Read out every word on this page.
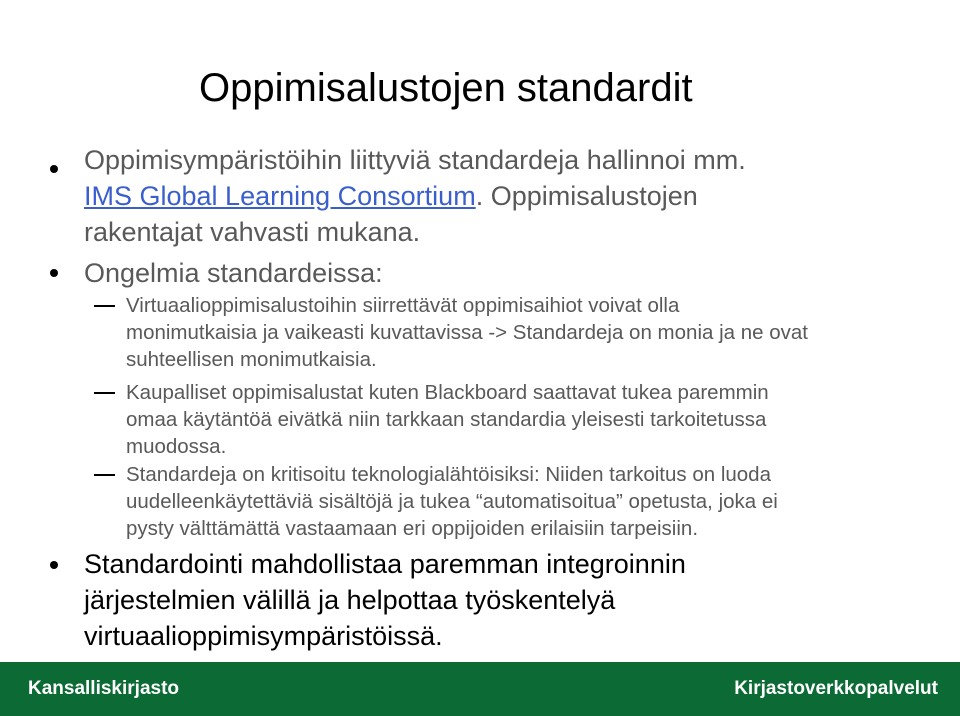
Oppimisalustojen standardit
Oppimisympäristöihin liittyviä standardeja hallinnoi mm.
IMS Global Learning Consortium. Oppimisalustojen
rakentajat vahvasti mukana.
Ongelmia standardeissa:
Virtuaalioppimisalustoihin siirrettävät oppimisaihiot voivat olla
monimutkaisia ja vaikeasti kuvattavissa -> Standardeja on monia ja ne ovat
suhteellisen monimutkaisia.
Kaupalliset oppimisalustat kuten Blackboard saattavat tukea paremmin
omaa käytäntöä eivätkä niin tarkkaan standardia yleisesti tarkoitetussa
muodossa.
Standardeja on kritisoitu teknologialähtöisiksi: Niiden tarkoitus on luoda
uudelleenkäytettäviä sisältöjä ja tukea “automatisoitua” opetusta, joka ei
pysty välttämättä vastaamaan eri oppijoiden erilaisiin tarpeisiin.
Standardointi mahdollistaa paremman integroinnin
järjestelmien välillä ja helpottaa työskentelyä
virtuaalioppimisympäristöissä.
Kansalliskirjasto	Kirjastoverkkopalvelut
